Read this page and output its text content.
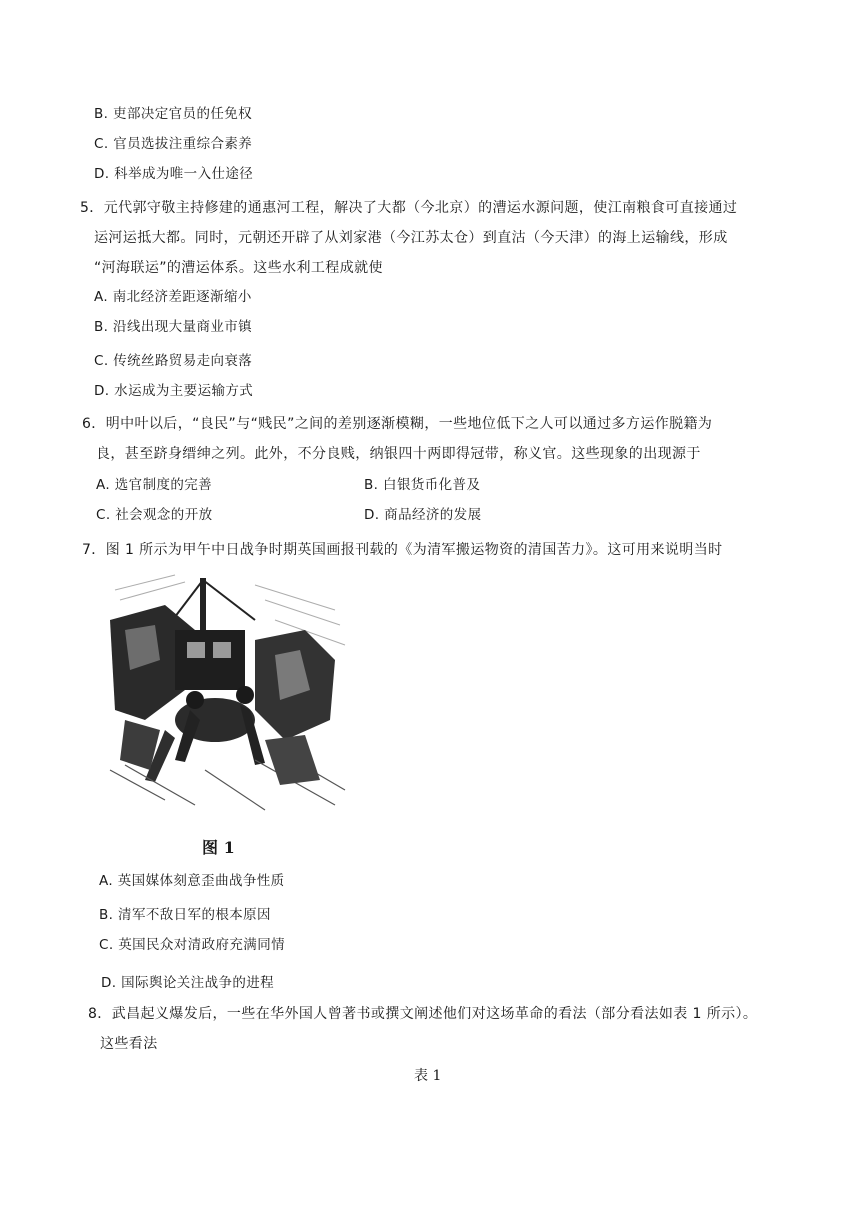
B. 吏部决定官员的任免权
C. 官员选拔注重综合素养
D. 科举成为唯一入仕途径
5．元代郭守敬主持修建的通惠河工程，解决了大都（今北京）的漕运水源问题，使江南粮食可直接通过
运河运抵大都。同时，元朝还开辟了从刘家港（今江苏太仓）到直沽（今天津）的海上运输线，形成
“河海联运”的漕运体系。这些水利工程成就使
A. 南北经济差距逐渐缩小
B. 沿线出现大量商业市镇
C. 传统丝路贸易走向衰落
D. 水运成为主要运输方式
6．明中叶以后，“良民”与“贱民”之间的差别逐渐模糊，一些地位低下之人可以通过多方运作脱籍为
良，甚至跻身缙绅之列。此外，不分良贱，纳银四十两即得冠带，称义官。这些现象的出现源于
A. 选官制度的完善	B. 白银货币化普及
C. 社会观念的开放	D. 商品经济的发展
7．图 1 所示为甲午中日战争时期英国画报刊载的《为清军搬运物资的清国苦力》。这可用来说明当时
图 1
A. 英国媒体刻意歪曲战争性质
B. 清军不敌日军的根本原因
C. 英国民众对清政府充满同情
D. 国际舆论关注战争的进程
8．武昌起义爆发后，一些在华外国人曾著书或撰文阐述他们对这场革命的看法（部分看法如表 1 所示）。
这些看法
表 1
